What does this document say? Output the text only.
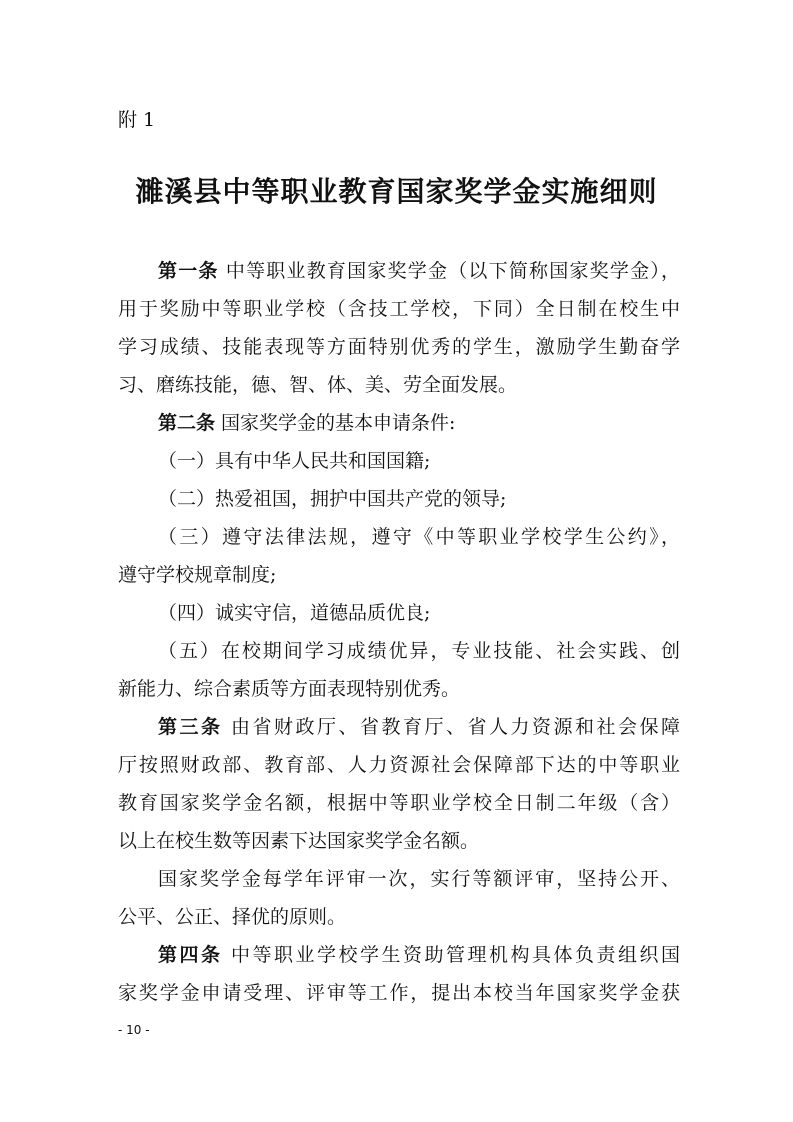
附 1
濉溪县中等职业教育国家奖学金实施细则
第一条 中等职业教育国家奖学金（以下简称国家奖学金），
用于奖励中等职业学校（含技工学校，下同）全日制在校生中
学习成绩、技能表现等方面特别优秀的学生，激励学生勤奋学
习、磨练技能，德、智、体、美、劳全面发展。
第二条 国家奖学金的基本申请条件:
（一）具有中华人民共和国国籍;
（二）热爱祖国，拥护中国共产党的领导;
（三）遵守法律法规，遵守《中等职业学校学生公约》，
遵守学校规章制度;
（四）诚实守信，道德品质优良;
（五）在校期间学习成绩优异，专业技能、社会实践、创
新能力、综合素质等方面表现特别优秀。
第三条 由省财政厅、省教育厅、省人力资源和社会保障
厅按照财政部、教育部、人力资源社会保障部下达的中等职业
教育国家奖学金名额，根据中等职业学校全日制二年级（含）
以上在校生数等因素下达国家奖学金名额。
国家奖学金每学年评审一次，实行等额评审，坚持公开、
公平、公正、择优的原则。
第四条 中等职业学校学生资助管理机构具体负责组织国
家奖学金申请受理、评审等工作，提出本校当年国家奖学金获
- 10 -
